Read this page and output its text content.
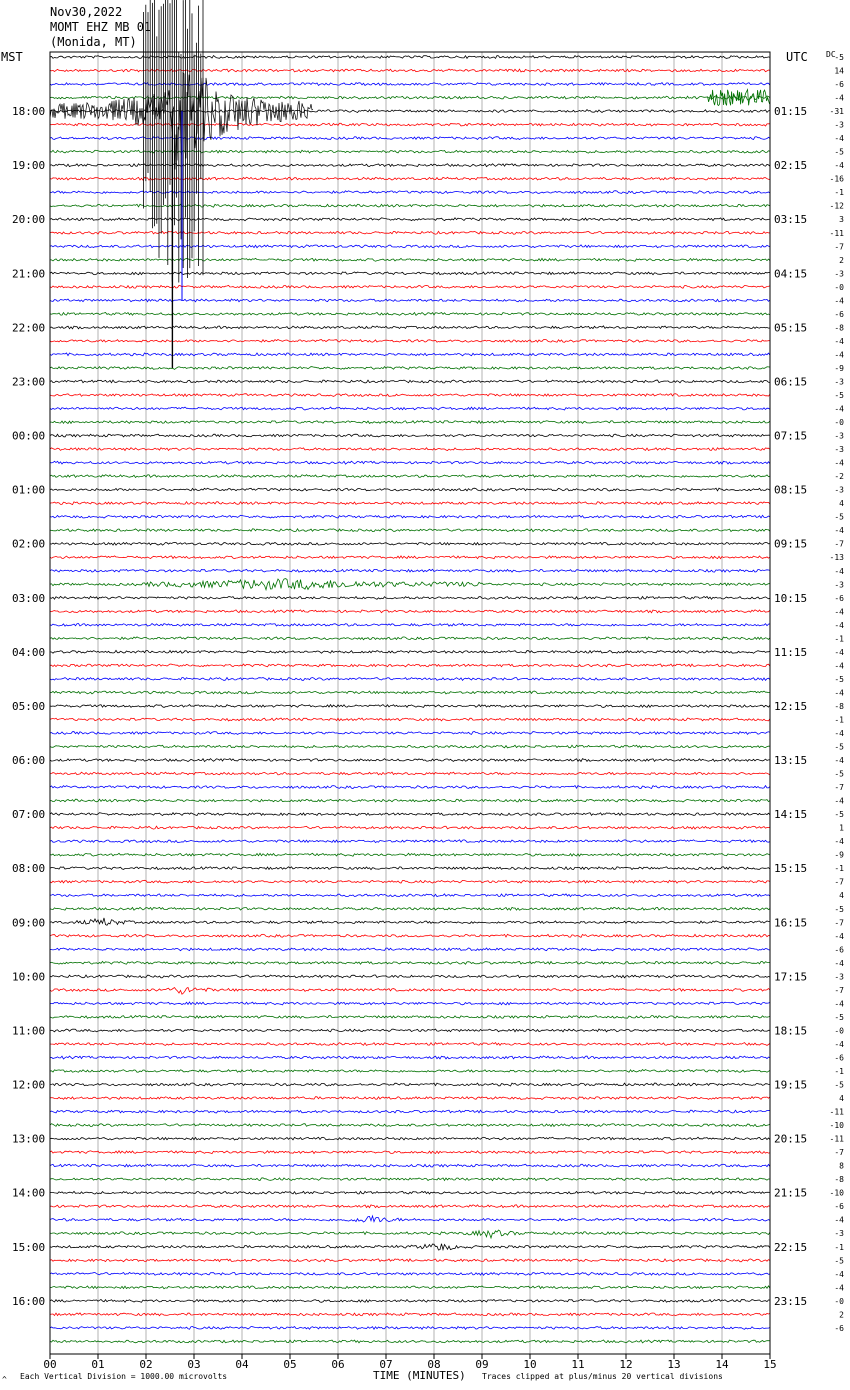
Nov30,2022
MOMT EHZ MB 01
(Monida, MT)
MST	UTC DC
18:00
19:00
20:00
21:00
22:00
23:00
00:00
01:00
02:00
03:00
04:00
05:00
06:00
07:00
08:00
09:00
10:00
11:00
12:00
13:00
14:00
15:00
16:00
01:15
02:15
03:15
04:15
05:15
06:15
07:15
08:15
09:15
10:15
11:15
12:15
13:15
14:15
15:15
16:15
17:15
18:15
19:15
20:15
21:15
22:15
23:15
-5
14
-6
-4
-31
-3
-4
-5
-4
-16
-1
-12
3
-11
-7
2
-3
-0
-4
-6
-8
-4
-4
-9
-3
-5
-4
-0
-3
-3
-4
-2
-3
4
-5
-4
-7
-13
-4
-3
-6
-4
-4
-1
-4
-4
-5
-4
-8
-1
-4
-5
-4
-5
-7
-4
-5
1
-4
-9
-1
-7
4
-5
-7
-4
-6
-4
-3
-7
-4
-5
-0
-4
-6
-1
-5
4
-11
-10
-11
-7
8
-8
-10
-6
-4
-3
-1
-5
-4
-4
-0
2
-6
00	01	02	03	04	05	06	07	08	09	10	11	12	13	14	15
^ Each Vertical Division = 1000.00 microvolts	TIME (MINUTES) Traces clipped at plus/minus 20 vertical divisions
